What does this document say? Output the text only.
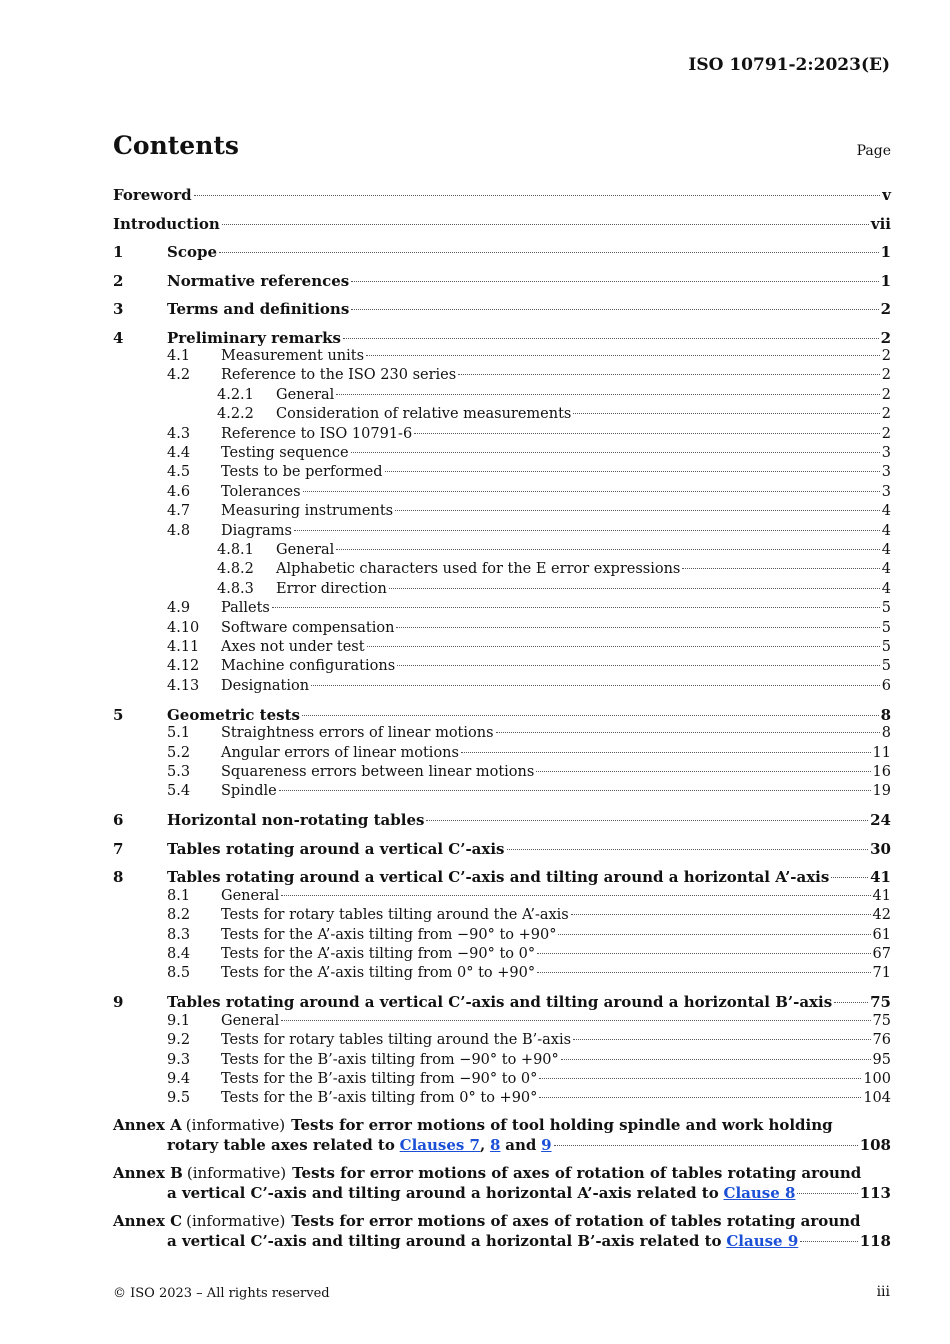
ISO 10791-2:2023(E)
Contents	Page
Foreword	v
Introduction	vii
1	Scope	1
2	Normative references	1
3	Terms and definitions	2
4	Preliminary remarks	2
4.1	Measurement units	2
4.2	Reference to the ISO 230 series	2
4.2.1	General	2
4.2.2	Consideration of relative measurements	2
4.3	Reference to ISO 10791-6	2
4.4	Testing sequence	3
4.5	Tests to be performed	3
4.6	Tolerances	3
4.7	Measuring instruments	4
4.8	Diagrams	4
4.8.1	General	4
4.8.2	Alphabetic characters used for the E error expressions	4
4.8.3	Error direction	4
4.9	Pallets	5
4.10	Software compensation	5
4.11	Axes not under test	5
4.12	Machine configurations	5
4.13	Designation	6
5	Geometric tests	8
5.1	Straightness errors of linear motions	8
5.2	Angular errors of linear motions	11
5.3	Squareness errors between linear motions	16
5.4	Spindle	19
6	Horizontal non-rotating tables	24
7	Tables rotating around a vertical C’-axis	30
8	Tables rotating around a vertical C’-axis and tilting around a horizontal A’-axis	41
8.1	General	41
8.2	Tests for rotary tables tilting around the A’-axis	42
8.3	Tests for the A’-axis tilting from −90° to +90°	61
8.4	Tests for the A’-axis tilting from −90° to 0°	67
8.5	Tests for the A’-axis tilting from 0° to +90°	71
9	Tables rotating around a vertical C’-axis and tilting around a horizontal B’-axis	75
9.1	General	75
9.2	Tests for rotary tables tilting around the B’-axis	76
9.3	Tests for the B’-axis tilting from −90° to +90°	95
9.4	Tests for the B’-axis tilting from −90° to 0°	100
9.5	Tests for the B’-axis tilting from 0° to +90°	104
Annex A (informative) Tests for error motions of tool holding spindle and work holding
rotary table axes related to
Clauses 7 ,
8
and
9	108
Annex B (informative) Tests for error motions of axes of rotation of tables rotating around
a vertical C’-axis and tilting around a horizontal A’-axis related to
Clause 8	113
Annex C (informative) Tests for error motions of axes of rotation of tables rotating around
a vertical C’-axis and tilting around a horizontal B’-axis related to
Clause 9	118
© ISO 2023 – All rights reserved	iii
